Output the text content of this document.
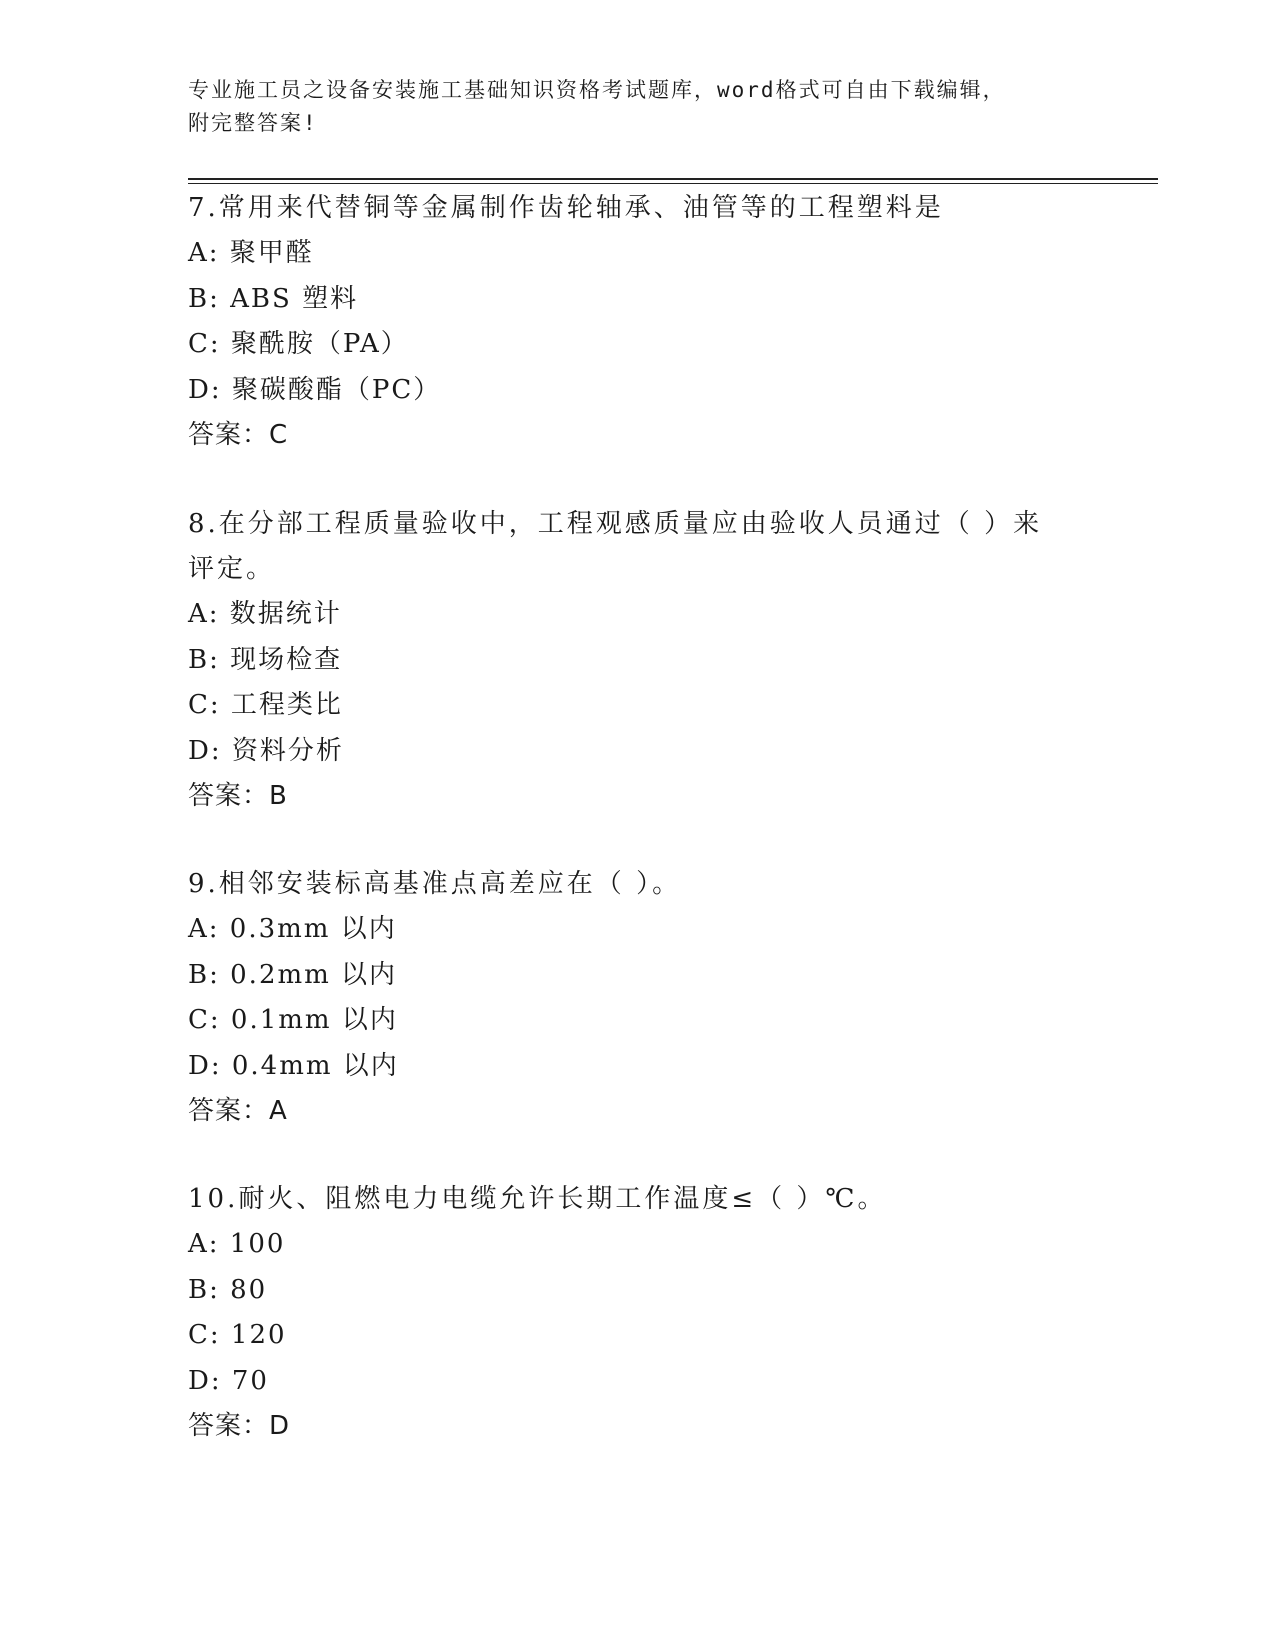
专业施工员之设备安装施工基础知识资格考试题库，word格式可自由下载编辑，
附完整答案!

7.常用来代替铜等金属制作齿轮轴承、油管等的工程塑料是

A: 聚甲醛

B: ABS 塑料

C: 聚酰胺（PA）

D: 聚碳酸酯（PC）

答案：C

8.在分部工程质量验收中，工程观感质量应由验收人员通过（ ）来评定。

A: 数据统计

B: 现场检查

C: 工程类比

D: 资料分析

答案：B

9.相邻安装标高基准点高差应在（ ）。

A: 0.3mm 以内

B: 0.2mm 以内

C: 0.1mm 以内

D: 0.4mm 以内

答案：A

10.耐火、阻燃电力电缆允许长期工作温度≤（ ）℃。

A: 100

B: 80

C: 120

D: 70

答案：D
